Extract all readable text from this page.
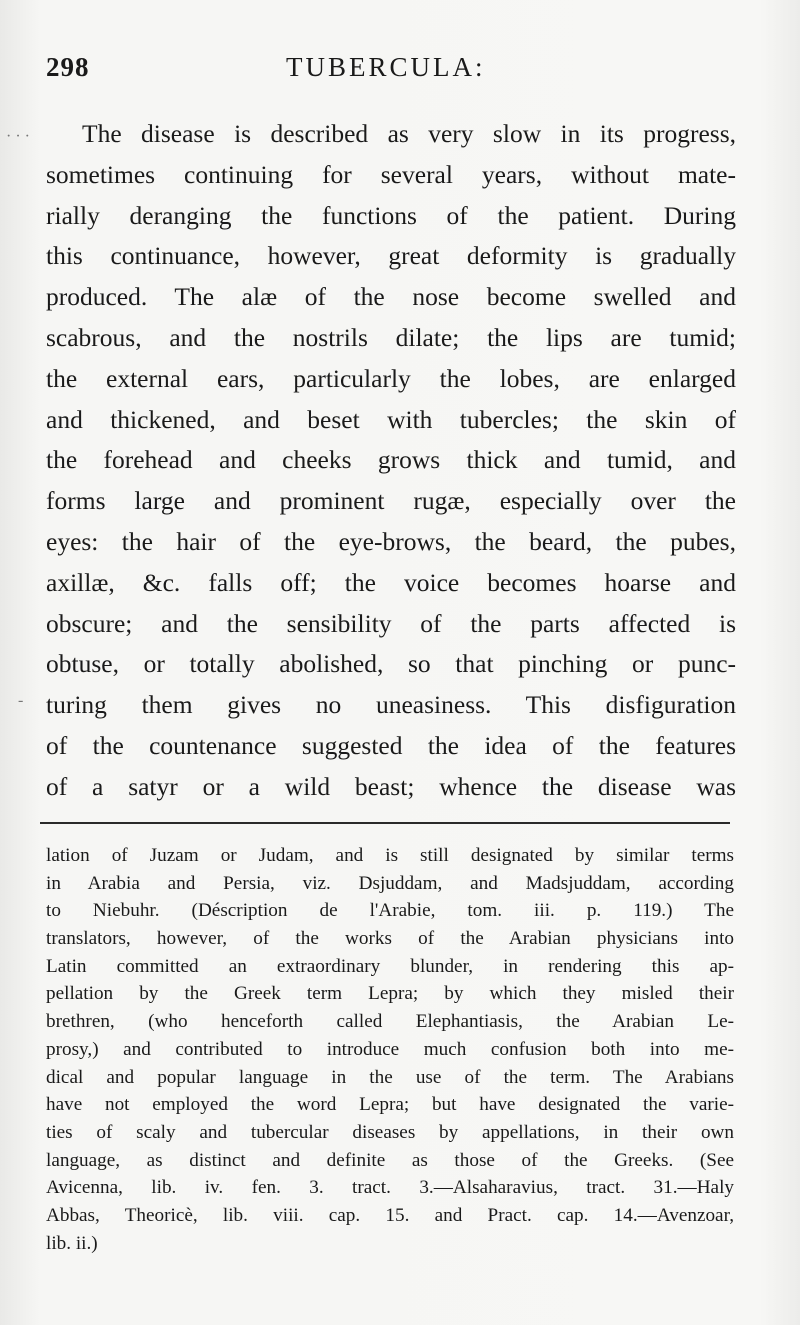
298	TUBERCULA:
· · ·
-
The disease is described as very slow in its progress,
sometimes continuing for several years, without mate-
rially deranging the functions of the patient. During
this continuance, however, great deformity is gradually
produced. The alæ of the nose become swelled and
scabrous, and the nostrils dilate; the lips are tumid;
the external ears, particularly the lobes, are enlarged
and thickened, and beset with tubercles; the skin of
the forehead and cheeks grows thick and tumid, and
forms large and prominent rugæ, especially over the
eyes: the hair of the eye-brows, the beard, the pubes,
axillæ, &c. falls off; the voice becomes hoarse and
obscure; and the sensibility of the parts affected is
obtuse, or totally abolished, so that pinching or punc-
turing them gives no uneasiness. This disfiguration
of the countenance suggested the idea of the features
of a satyr or a wild beast; whence the disease was
lation of Juzam or Judam, and is still designated by similar terms
in Arabia and Persia, viz. Dsjuddam, and Madsjuddam, according
to Niebuhr. (Déscription de l'Arabie, tom. iii. p. 119.) The
translators, however, of the works of the Arabian physicians into
Latin committed an extraordinary blunder, in rendering this ap-
pellation by the Greek term Lepra; by which they misled their
brethren, (who henceforth called Elephantiasis, the Arabian Le-
prosy,) and contributed to introduce much confusion both into me-
dical and popular language in the use of the term. The Arabians
have not employed the word Lepra; but have designated the varie-
ties of scaly and tubercular diseases by appellations, in their own
language, as distinct and definite as those of the Greeks. (See
Avicenna, lib. iv. fen. 3. tract. 3.—Alsaharavius, tract. 31.—Haly
Abbas, Theoricè, lib. viii. cap. 15. and Pract. cap. 14.—Avenzoar,
lib. ii.)
